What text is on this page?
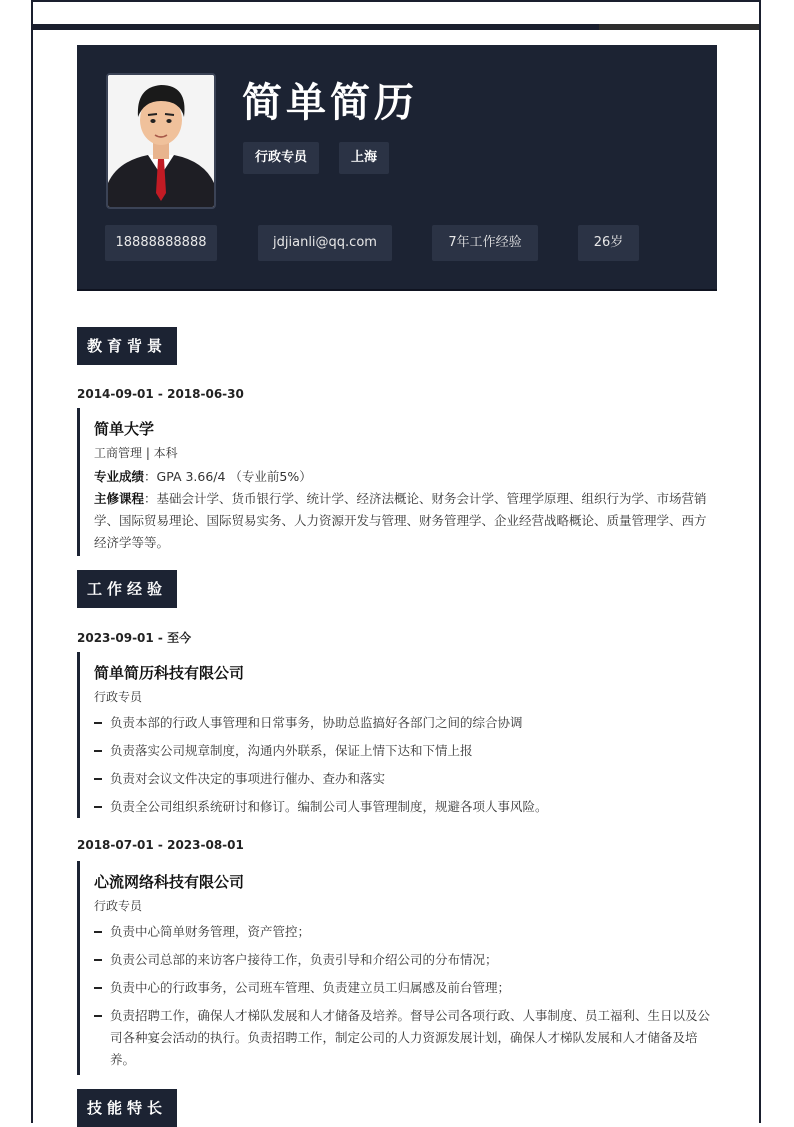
简单简历
行政专员	上海
18888888888	jdjianli@qq.com	7年工作经验	26岁
教育背景
2014-09-01 - 2018-06-30
简单大学
工商管理 | 本科
专业成绩：GPA 3.66/4 （专业前5%）
主修课程：基础会计学、货币银行学、统计学、经济法概论、财务会计学、管理学原理、组织行为学、市场营销学、国际贸易理论、国际贸易实务、人力资源开发与管理、财务管理学、企业经营战略概论、质量管理学、西方经济学等等。
工作经验
2023-09-01 - 至今
简单简历科技有限公司
行政专员
负责本部的行政人事管理和日常事务，协助总监搞好各部门之间的综合协调
负责落实公司规章制度，沟通内外联系，保证上情下达和下情上报
负责对会议文件决定的事项进行催办、查办和落实
负责全公司组织系统研讨和修订。编制公司人事管理制度，规避各项人事风险。
2018-07-01 - 2023-08-01
心流网络科技有限公司
行政专员
负责中心简单财务管理，资产管控；
负责公司总部的来访客户接待工作，负责引导和介绍公司的分布情况；
负责中心的行政事务，公司班车管理、负责建立员工归属感及前台管理；
负责招聘工作，确保人才梯队发展和人才储备及培养。督导公司各项行政、人事制度、员工福利、生日以及公司各种宴会活动的执行。负责招聘工作，制定公司的人力资源发展计划，确保人才梯队发展和人才储备及培养。
技能特长
